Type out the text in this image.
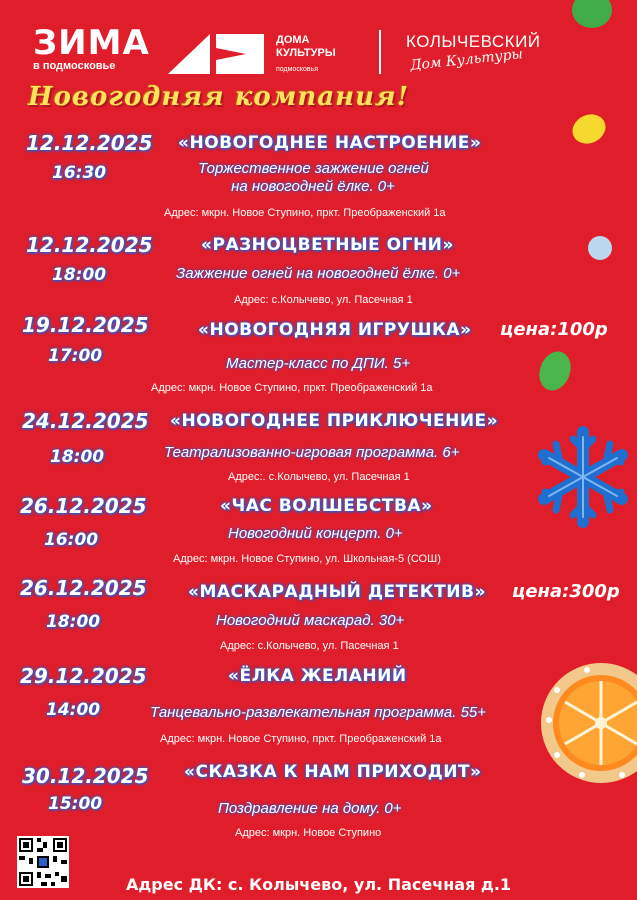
ЗИМА
в подмосковье
ДОМА
КУЛЬТУРЫ
подмосковья
КОЛЫЧЕВСКИЙ
Дом Культуры
Новогодняя компания!
12.12.2025
16:30
«НОВОГОДНЕЕ НАСТРОЕНИЕ»
Торжественное зажжение огней
на новогодней ёлке. 0+
Адрес: мкрн. Новое Ступино, пркт. Преображенский 1а
12.12.2025
18:00
«РАЗНОЦВЕТНЫЕ ОГНИ»
Зажжение огней на новогодней ёлке. 0+
Адрес: с.Колычево, ул. Пасечная 1
19.12.2025
17:00
«НОВОГОДНЯЯ ИГРУШКА» цена:100р
Мастер-класс по ДПИ. 5+
Адрес: мкрн. Новое Ступино, пркт. Преображенский 1а
24.12.2025
18:00
«НОВОГОДНЕЕ ПРИКЛЮЧЕНИЕ»
Театрализованно-игровая программа. 6+
Адрес:. с.Колычево, ул. Пасечная 1
26.12.2025
16:00
«ЧАС ВОЛШЕБСТВА»
Новогодний концерт. 0+
Адрес: мкрн. Новое Ступино, ул. Школьная-5 (СОШ)
26.12.2025
18:00
«МАСКАРАДНЫЙ ДЕТЕКТИВ» цена:300р
Новогодний маскарад. 30+
Адрес: с.Колычево, ул. Пасечная 1
29.12.2025
14:00
«ЁЛКА ЖЕЛАНИЙ
Танцевально-развлекательная программа. 55+
Адрес: мкрн. Новое Ступино, пркт. Преображенский 1а
30.12.2025
15:00
«СКАЗКА К НАМ ПРИХОДИТ»
Поздравление на дому. 0+
Адрес: мкрн. Новое Ступино
Адрес ДК: с. Колычево, ул. Пасечная д.1
